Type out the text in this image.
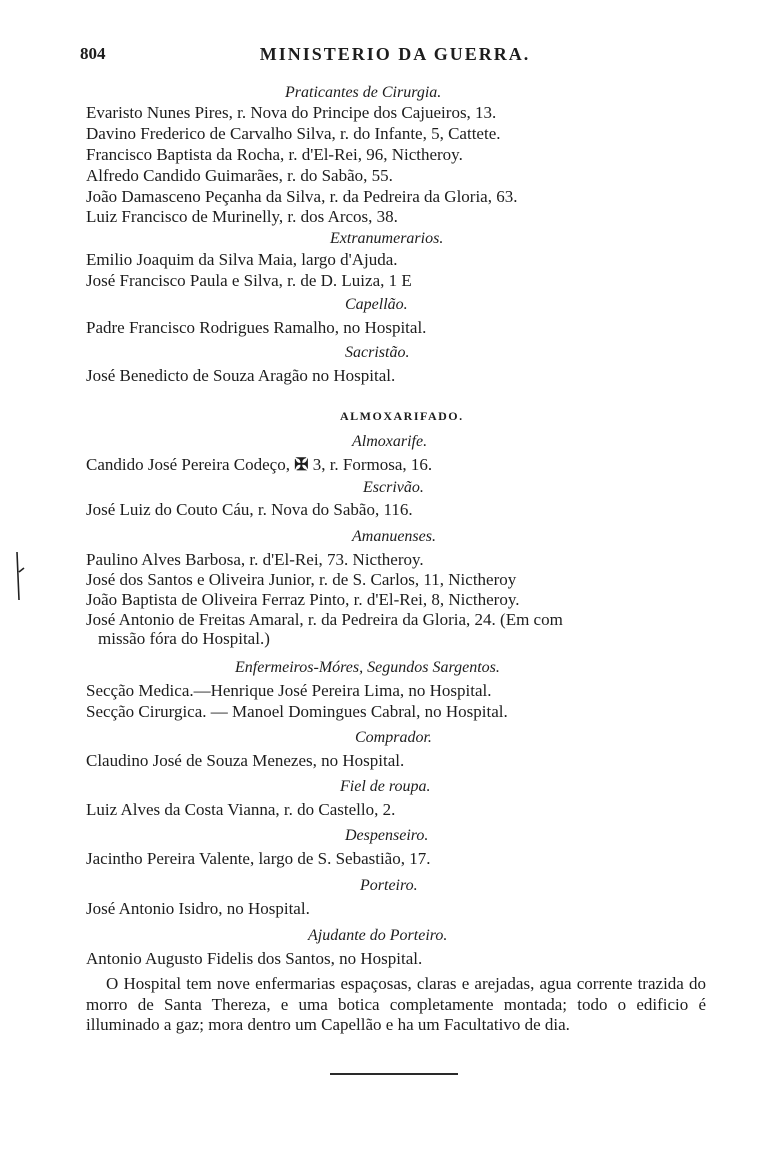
804	MINISTERIO DA GUERRA.
Praticantes de Cirurgia.
Evaristo Nunes Pires, r. Nova do Principe dos Cajueiros, 13.
Davino Frederico de Carvalho Silva, r. do Infante, 5, Cattete.
Francisco Baptista da Rocha, r. d'El-Rei, 96, Nictheroy.
Alfredo Candido Guimarães, r. do Sabão, 55.
João Damasceno Peçanha da Silva, r. da Pedreira da Gloria, 63.
Luiz Francisco de Murinelly, r. dos Arcos, 38.
Extranumerarios.
Emilio Joaquim da Silva Maia, largo d'Ajuda.
José Francisco Paula e Silva, r. de D. Luiza, 1 E
Capellão.
Padre Francisco Rodrigues Ramalho, no Hospital.
Sacristão.
José Benedicto de Souza Aragão no Hospital.
ALMOXARIFADO.
Almoxarife.
Candido José Pereira Codeço, ✠ 3, r. Formosa, 16.
Escrivão.
José Luiz do Couto Cáu, r. Nova do Sabão, 116.
Amanuenses.
Paulino Alves Barbosa, r. d'El-Rei, 73. Nictheroy.
José dos Santos e Oliveira Junior, r. de S. Carlos, 11, Nictheroy
João Baptista de Oliveira Ferraz Pinto, r. d'El-Rei, 8, Nictheroy.
José Antonio de Freitas Amaral, r. da Pedreira da Gloria, 24. (Em com
missão fóra do Hospital.)
Enfermeiros-Móres, Segundos Sargentos.
Secção Medica.—Henrique José Pereira Lima, no Hospital.
Secção Cirurgica. — Manoel Domingues Cabral, no Hospital.
Comprador.
Claudino José de Souza Menezes, no Hospital.
Fiel de roupa.
Luiz Alves da Costa Vianna, r. do Castello, 2.
Despenseiro.
Jacintho Pereira Valente, largo de S. Sebastião, 17.
Porteiro.
José Antonio Isidro, no Hospital.
Ajudante do Porteiro.
Antonio Augusto Fidelis dos Santos, no Hospital.

O Hospital tem nove enfermarias espaçosas, claras e arejadas, agua corrente trazida do morro de Santa Thereza, e uma botica completamente montada; todo o edificio é illuminado a gaz; mora dentro um Capellão e ha um Facultativo de dia.
